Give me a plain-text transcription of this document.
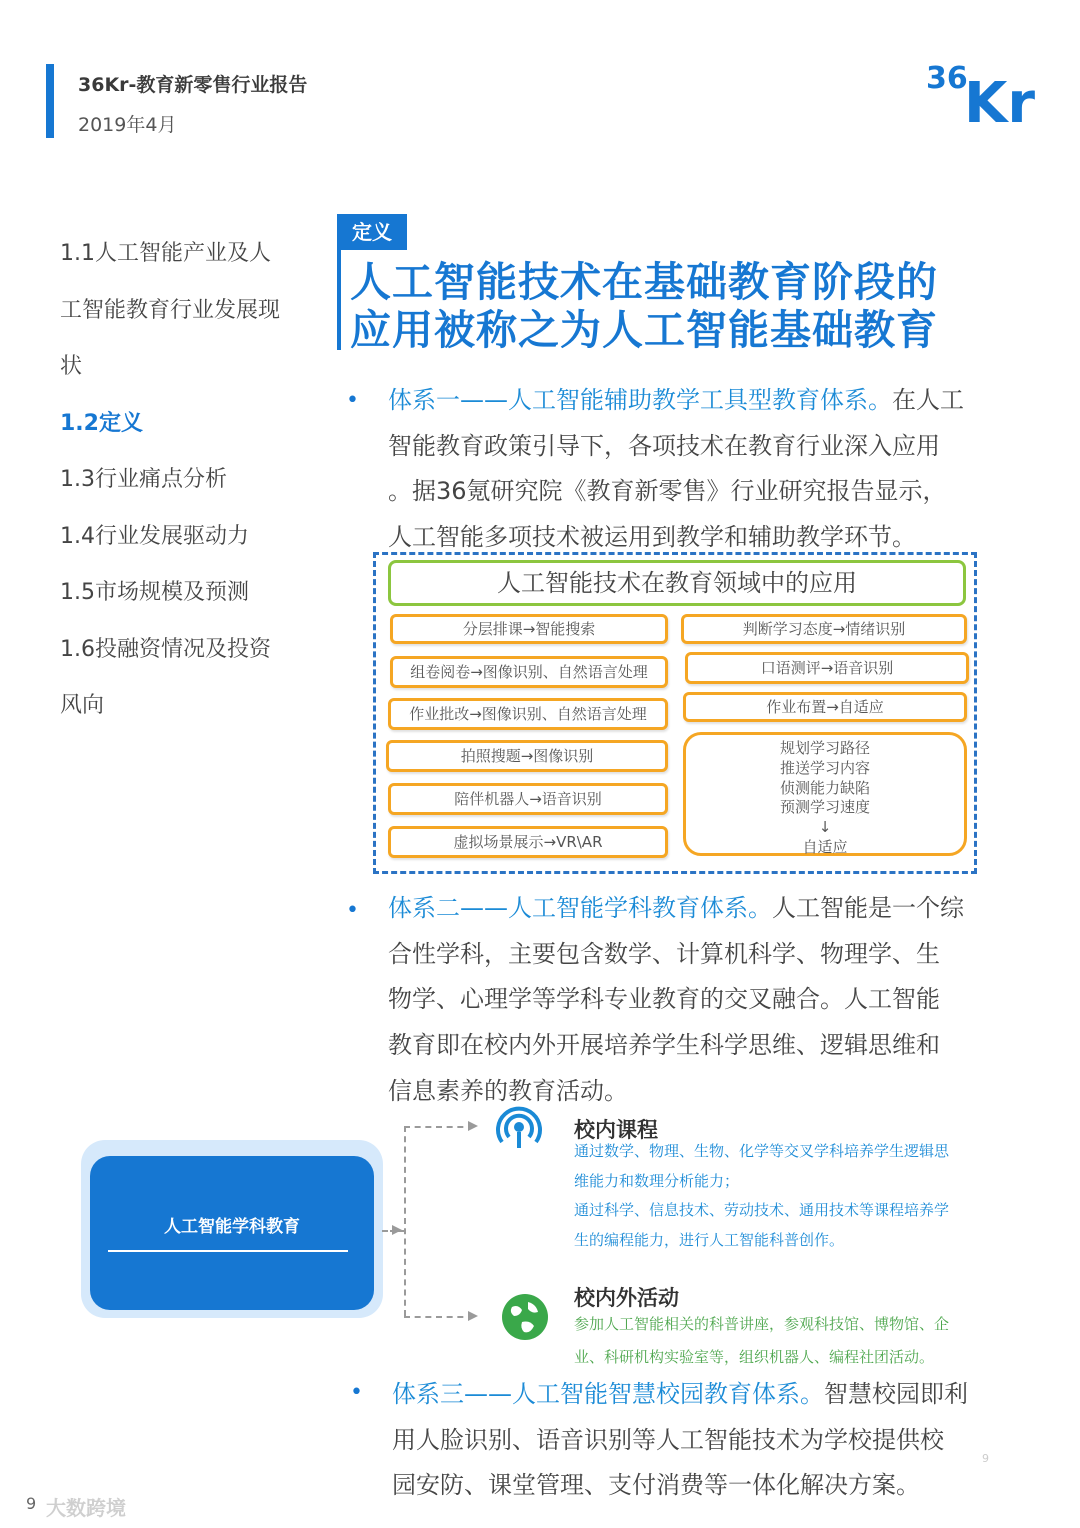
36Kr-教育新零售行业报告
2019年4月
36
Kr
1.1人工智能产业及人
工智能教育行业发展现
状
1.2定义
1.3行业痛点分析
1.4行业发展驱动力
1.5市场规模及预测
1.6投融资情况及投资
风向
定义
人工智能技术在基础教育阶段的
应用被称之为人工智能基础教育
• 体系一——人工智能辅助教学工具型教育体系。在人工
智能教育政策引导下，各项技术在教育行业深入应用
。据36氪研究院《教育新零售》行业研究报告显示，
人工智能多项技术被运用到教学和辅助教学环节。
人工智能技术在教育领域中的应用
分层排课→智能搜索
组卷阅卷→图像识别、自然语言处理
作业批改→图像识别、自然语言处理
拍照搜题→图像识别
陪伴机器人→语音识别
虚拟场景展示→VR\AR
判断学习态度→情绪识别
口语测评→语音识别
作业布置→自适应
规划学习路径
推送学习内容
侦测能力缺陷
预测学习速度
↓
自适应
• 体系二——人工智能学科教育体系。人工智能是一个综
合性学科，主要包含数学、计算机科学、物理学、生
物学、心理学等学科专业教育的交叉融合。人工智能
教育即在校内外开展培养学生科学思维、逻辑思维和
信息素养的教育活动。
人工智能学科教育
校内课程
通过数学、物理、生物、化学等交叉学科培养学生逻辑思
维能力和数理分析能力；
通过科学、信息技术、劳动技术、通用技术等课程培养学
生的编程能力，进行人工智能科普创作。
校内外活动
参加人工智能相关的科普讲座，参观科技馆、博物馆、企
业、科研机构实验室等，组织机器人、编程社团活动。
• 体系三——人工智能智慧校园教育体系。智慧校园即利
用人脸识别、语音识别等人工智能技术为学校提供校
园安防、课堂管理、支付消费等一体化解决方案。
9 大数跨境
9
